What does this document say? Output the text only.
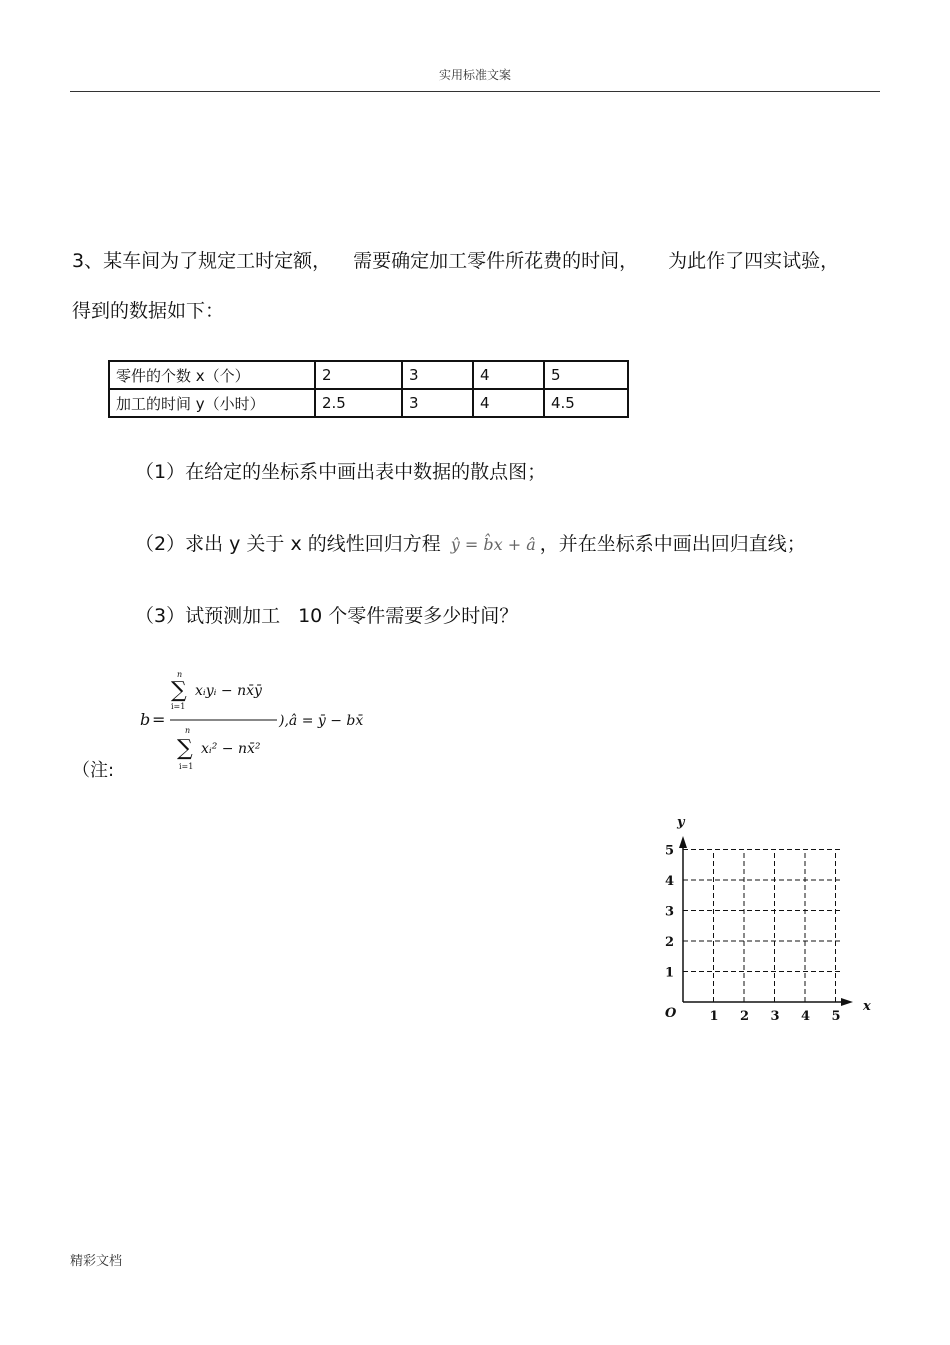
实用标准文案
3、某车间为了规定工时定额， 需要确定加工零件所花费的时间， 为此作了四实试验，
得到的数据如下：
零件的个数 x（个）	2	3	4	5
加工的时间 y（小时）	2.5	3	4	4.5
（1）在给定的坐标系中画出表中数据的散点图；
（2）求出 y 关于 x 的线性回归方程 ŷ = b̂x + â ，并在坐标系中画出回归直线；
（3）试预测加工 10 个零件需要多少时间？
（注:
b =
n
∑
i=1
xᵢyᵢ − nx̄ȳ
n
∑
i=1
xᵢ² − nx̄²
),â = ȳ − bx̄
1
2
3
4
5
1 2 3 4 5
y
x
O
精彩文档
